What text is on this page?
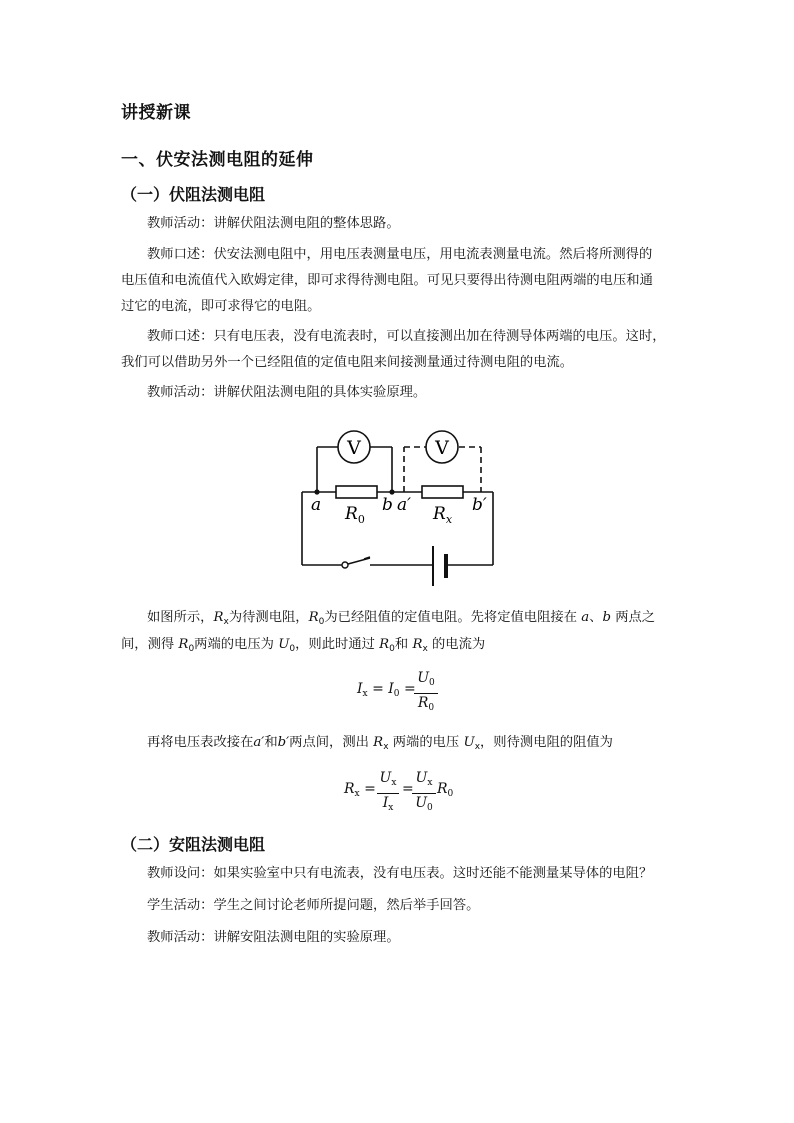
讲授新课
一、伏安法测电阻的延伸
（一）伏阻法测电阻
教师活动：讲解伏阻法测电阻的整体思路。
教师口述：伏安法测电阻中，用电压表测量电压，用电流表测量电流。然后将所测得的
电压值和电流值代入欧姆定律，即可求得待测电阻。可见只要得出待测电阻两端的电压和通
过它的电流，即可求得它的电阻。
教师口述：只有电压表，没有电流表时，可以直接测出加在待测导体两端的电压。这时，
我们可以借助另外一个已经阻值的定值电阻来间接测量通过待测电阻的电流。
教师活动：讲解伏阻法测电阻的具体实验原理。
V	V
a	b a′	b′
$R_0$	$R_x$
如图所示，$R_x$为待测电阻，$R_0$为已经阻值的定值电阻。先将定值电阻接在 a、b 两点之
间，测得 $R_0$两端的电压为 $U_0$，则此时通过 $R_0$和 $R_x$ 的电流为
$I_x = I_0$ =
$U_0$
$R_0$
再将电压表改接在a′和b′两点间，测出 $R_x$ 两端的电压 $U_x$，则待测电阻的阻值为
$R_x$ =
$U_x$
$I_x$
=
$U_x$
$U_0$
$R_0$
（二）安阻法测电阻
教师设问：如果实验室中只有电流表，没有电压表。这时还能不能测量某导体的电阻？
学生活动：学生之间讨论老师所提问题，然后举手回答。
教师活动：讲解安阻法测电阻的实验原理。
